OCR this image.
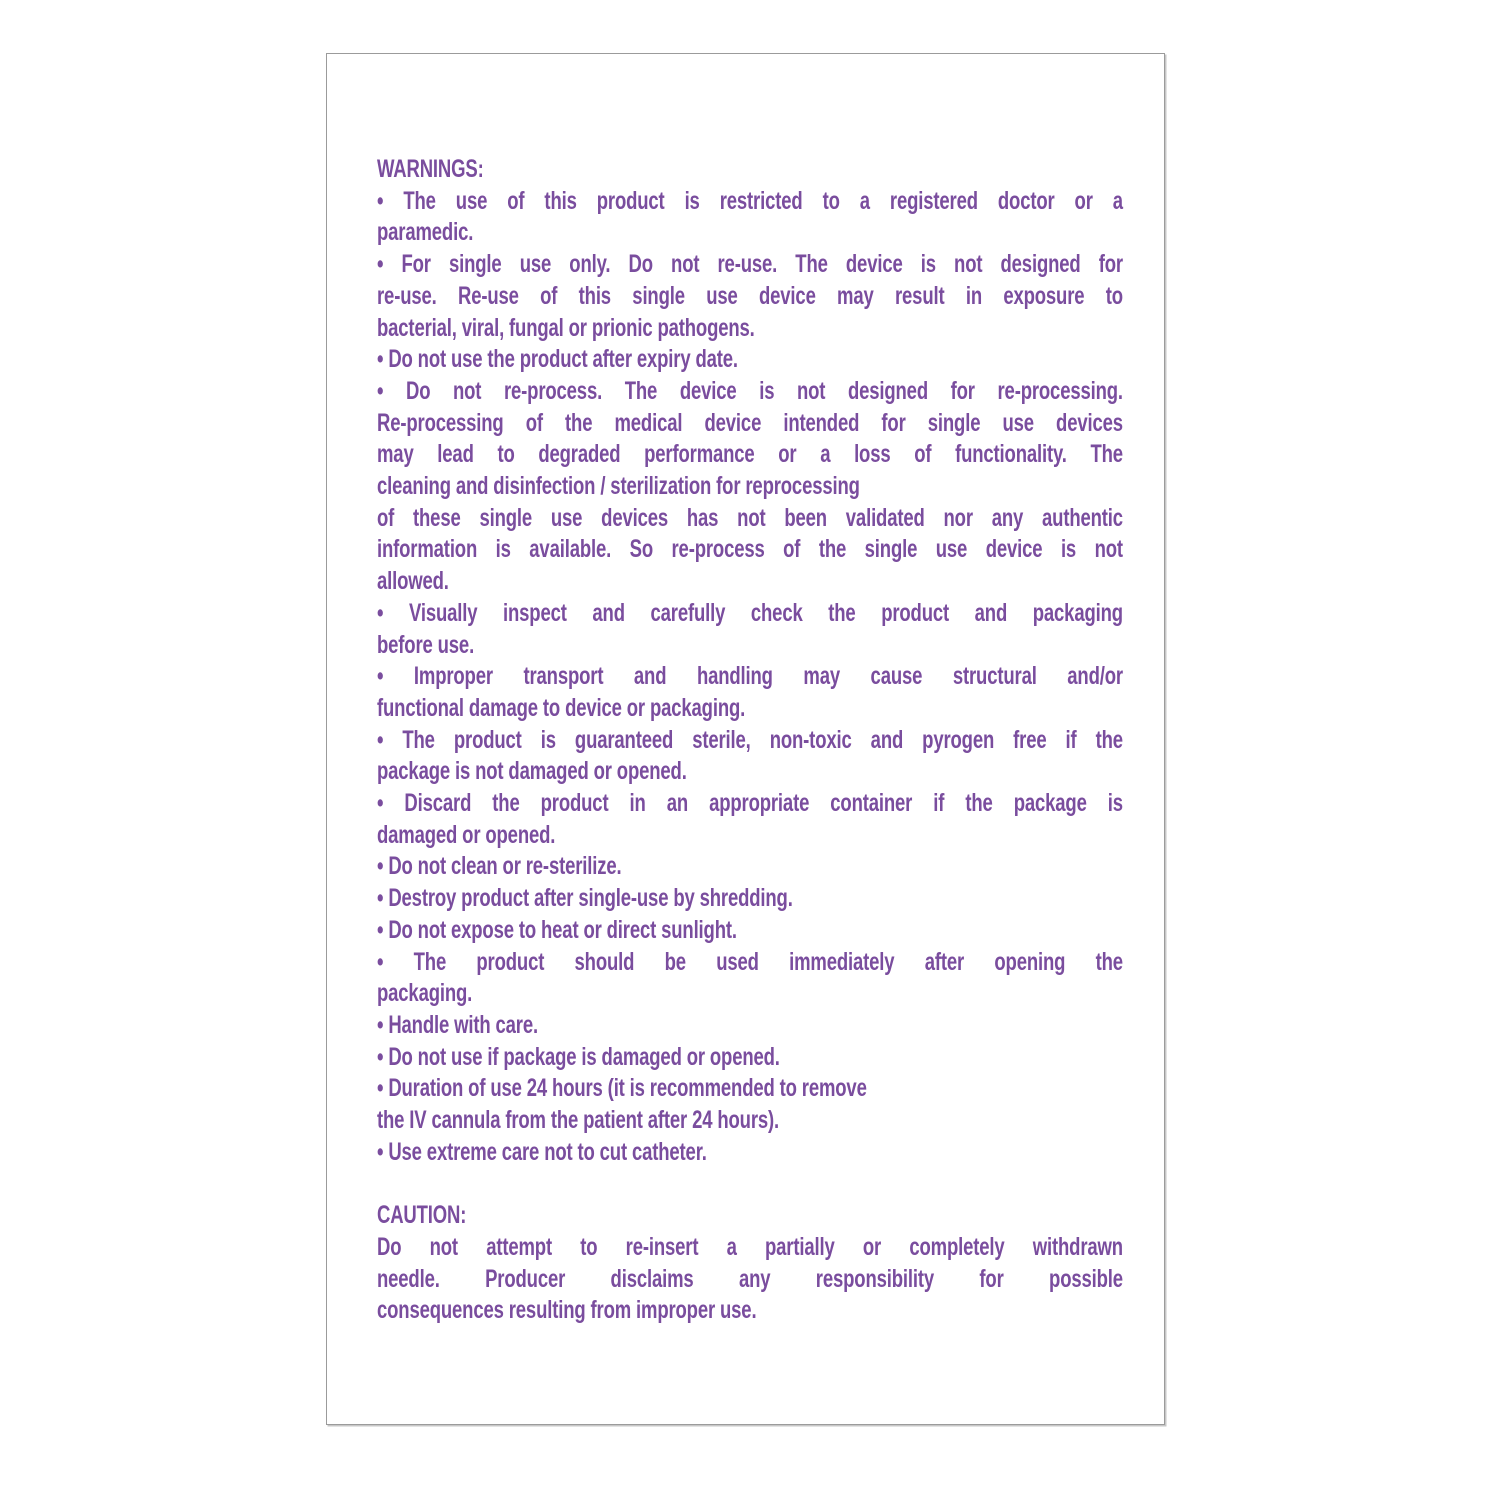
WARNINGS:
• The use of this product is restricted to a registered doctor or a
paramedic.
• For single use only. Do not re-use. The device is not designed for
re-use. Re-use of this single use device may result in exposure to
bacterial, viral, fungal or prionic pathogens.
• Do not use the product after expiry date.
• Do not re-process. The device is not designed for re-processing.
Re-processing of the medical device intended for single use devices
may lead to degraded performance or a loss of functionality. The
cleaning and disinfection / sterilization for reprocessing
of these single use devices has not been validated nor any authentic
information is available. So re-process of the single use device is not
allowed.
• Visually inspect and carefully check the product and packaging
before use.
• Improper transport and handling may cause structural and/or
functional damage to device or packaging.
• The product is guaranteed sterile, non-toxic and pyrogen free if the
package is not damaged or opened.
• Discard the product in an appropriate container if the package is
damaged or opened.
• Do not clean or re-sterilize.
• Destroy product after single-use by shredding.
• Do not expose to heat or direct sunlight.
• The product should be used immediately after opening the
packaging.
• Handle with care.
• Do not use if package is damaged or opened.
• Duration of use 24 hours (it is recommended to remove
the IV cannula from the patient after 24 hours).
• Use extreme care not to cut catheter.
CAUTION:
Do not attempt to re-insert a partially or completely withdrawn
needle. Producer disclaims any responsibility for possible
consequences resulting from improper use.
